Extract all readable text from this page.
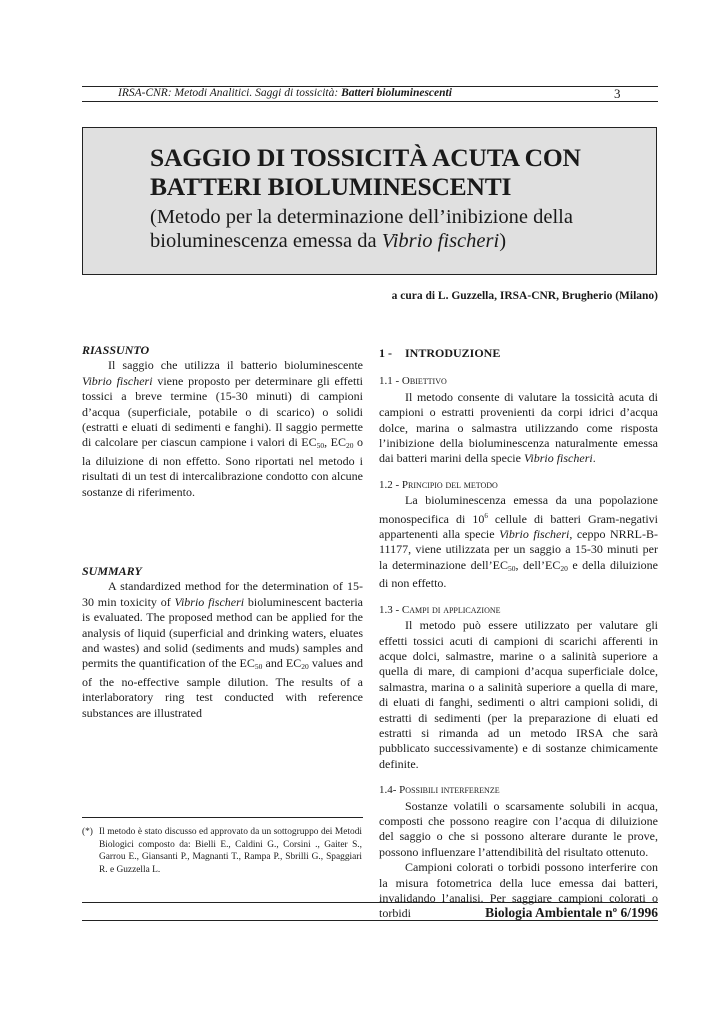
IRSA-CNR: Metodi Analitici. Saggi di tossicità: Batteri bioluminescenti	3
SAGGIO DI TOSSICITÀ ACUTA CON
BATTERI BIOLUMINESCENTI
(Metodo per la determinazione dell’inibizione della
bioluminescenza emessa da Vibrio fischeri)
a cura di L. Guzzella, IRSA-CNR, Brugherio (Milano)
RIASSUNTO

Il saggio che utilizza il batterio bioluminescente Vibrio fischeri viene proposto per determinare gli effetti tossici a breve termine (15-30 minuti) di campioni d’acqua (superficiale, potabile o di scarico) o solidi (estratti e eluati di sedimenti e fanghi). Il saggio permette di calcolare per ciascun campione i valori di $EC_{50}$, $EC_{20}$ o la diluizione di non effetto. Sono riportati nel metodo i risultati di un test di intercalibrazione condotto con alcune sostanze di riferimento.

SUMMARY

A standardized method for the determination of 15-30 min toxicity of Vibrio fischeri bioluminescent bacteria is evaluated. The proposed method can be applied for the analysis of liquid (superficial and drinking waters, eluates and wastes) and solid (sediments and muds) samples and permits the quantification of the $EC_{50}$ and $EC_{20}$ values and of the no-effective sample dilution. The results of a interlaboratory ring test conducted with reference substances are illustrated

(*) Il metodo è stato discusso ed approvato da un sottogruppo dei Metodi Biologici composto da: Bielli E., Caldini G., Corsini ., Gaiter S., Garrou E., Giansanti P., Magnanti T., Rampa P., Sbrilli G., Spaggiari R. e Guzzella L.
1 - INTRODUZIONE
1.1 - Obiettivo

Il metodo consente di valutare la tossicità acuta di campioni o estratti provenienti da corpi idrici d’acqua dolce, marina o salmastra utilizzando come risposta l’inibizione della bioluminescenza naturalmente emessa dai batteri marini della specie Vibrio fischeri.

1.2 - Principio del metodo

La bioluminescenza emessa da una popolazione monospecifica di $10^6$ cellule di batteri Gram-negativi appartenenti alla specie Vibrio fischeri, ceppo NRRL-B-11177, viene utilizzata per un saggio a 15-30 minuti per la determinazione $dell’EC_{50}$, $dell’EC_{20}$ e della diluizione di non effetto.

1.3 - Campi di applicazione

Il metodo può essere utilizzato per valutare gli effetti tossici acuti di campioni di scarichi afferenti in acque dolci, salmastre, marine o a salinità superiore a quella di mare, di campioni d’acqua superficiale dolce, salmastra, marina o a salinità superiore a quella di mare, di eluati di fanghi, sedimenti o altri campioni solidi, di estratti di sedimenti (per la preparazione di eluati ed estratti si rimanda ad un metodo IRSA che sarà pubblicato successivamente) e di sostanze chimicamente definite.

1.4- Possibili interferenze

Sostanze volatili o scarsamente solubili in acqua, composti che possono reagire con l’acqua di diluizione del saggio o che si possono alterare durante le prove, possono influenzare l’attendibilità del risultato ottenuto.

Campioni colorati o torbidi possono interferire con la misura fotometrica della luce emessa dai batteri, invalidando l’analisi. Per saggiare campioni colorati o torbidi	Biologia Ambientale nº 6/1996
